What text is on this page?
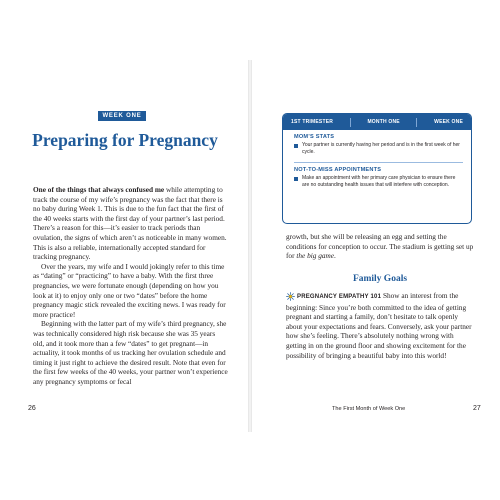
WEEK ONE
Preparing for Pregnancy

One of the things that always confused me while attempting to track the course of my wife’s pregnancy was the fact that there is no baby during Week 1. This is due to the fun fact that the first of the 40 weeks starts with the first day of your partner’s last period. There’s a reason for this—it’s easier to track periods than ovulation, the signs of which aren’t as noticeable in many women. This is also a reliable, internationally accepted standard for tracking pregnancy.

Over the years, my wife and I would jokingly refer to this time as “dating” or “practicing” to have a baby. With the first three pregnancies, we were fortunate enough (depending on how you look at it) to enjoy only one or two “dates” before the home pregnancy magic stick revealed the exciting news. I was ready for more practice!

Beginning with the latter part of my wife’s third pregnancy, she was technically considered high risk because she was 35 years old, and it took more than a few “dates” to get pregnant—in actuality, it took months of us tracking her ovulation schedule and timing it just right to achieve the desired result. Note that even for the first few weeks of the 40 weeks, your partner won’t experience any pregnancy symptoms or fecal

26
1ST TRIMESTER	MONTH ONE	WEEK ONE
MOM’S STATS
Your partner is currently having her period and is in the first week of her cycle.
NOT-TO-MISS APPOINTMENTS
Make an appointment with her primary care physician to ensure there are no outstanding health issues that will interfere with conception.

growth, but she will be releasing an egg and setting the conditions for conception to occur. The stadium is getting set up for the big game.

Family Goals

PREGNANCY EMPATHY 101 Show an interest from the beginning: Since you’re both committed to the idea of getting pregnant and starting a family, don’t hesitate to talk openly about your expectations and fears. Conversely, ask your partner how she’s feeling. There’s absolutely nothing wrong with getting in on the ground floor and showing excitement for the possibility of bringing a beautiful baby into this world!

The First Month of Week One	27
